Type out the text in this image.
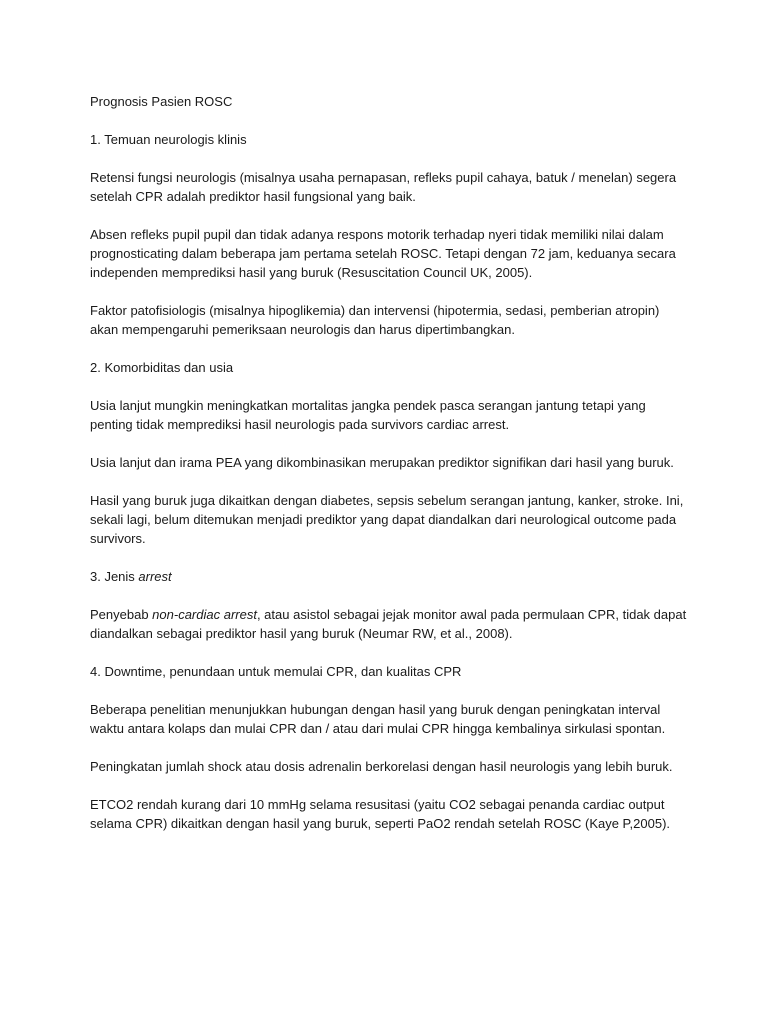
Prognosis Pasien ROSC

1. Temuan neurologis klinis

Retensi fungsi neurologis (misalnya usaha pernapasan, refleks pupil cahaya, batuk / menelan) segera setelah CPR adalah prediktor hasil fungsional yang baik.

Absen refleks pupil pupil dan tidak adanya respons motorik terhadap nyeri tidak memiliki nilai dalam prognosticating dalam beberapa jam pertama setelah ROSC. Tetapi dengan 72 jam, keduanya secara independen memprediksi hasil yang buruk (Resuscitation Council UK, 2005).

Faktor patofisiologis (misalnya hipoglikemia) dan intervensi (hipotermia, sedasi, pemberian atropin) akan mempengaruhi pemeriksaan neurologis dan harus dipertimbangkan.

2. Komorbiditas dan usia

Usia lanjut mungkin meningkatkan mortalitas jangka pendek pasca serangan jantung tetapi yang penting tidak memprediksi hasil neurologis pada survivors cardiac arrest.

Usia lanjut dan irama PEA yang dikombinasikan merupakan prediktor signifikan dari hasil yang buruk.

Hasil yang buruk juga dikaitkan dengan diabetes, sepsis sebelum serangan jantung, kanker, stroke. Ini, sekali lagi, belum ditemukan menjadi prediktor yang dapat diandalkan dari neurological outcome pada survivors.

3. Jenis arrest

Penyebab non-cardiac arrest, atau asistol sebagai jejak monitor awal pada permulaan CPR, tidak dapat diandalkan sebagai prediktor hasil yang buruk (Neumar RW, et al., 2008).

4. Downtime, penundaan untuk memulai CPR, dan kualitas CPR

Beberapa penelitian menunjukkan hubungan dengan hasil yang buruk dengan peningkatan interval waktu antara kolaps dan mulai CPR dan / atau dari mulai CPR hingga kembalinya sirkulasi spontan.

Peningkatan jumlah shock atau dosis adrenalin berkorelasi dengan hasil neurologis yang lebih buruk.

ETCO2 rendah kurang dari 10 mmHg selama resusitasi (yaitu CO2 sebagai penanda cardiac output selama CPR) dikaitkan dengan hasil yang buruk, seperti PaO2 rendah setelah ROSC (Kaye P,2005).
